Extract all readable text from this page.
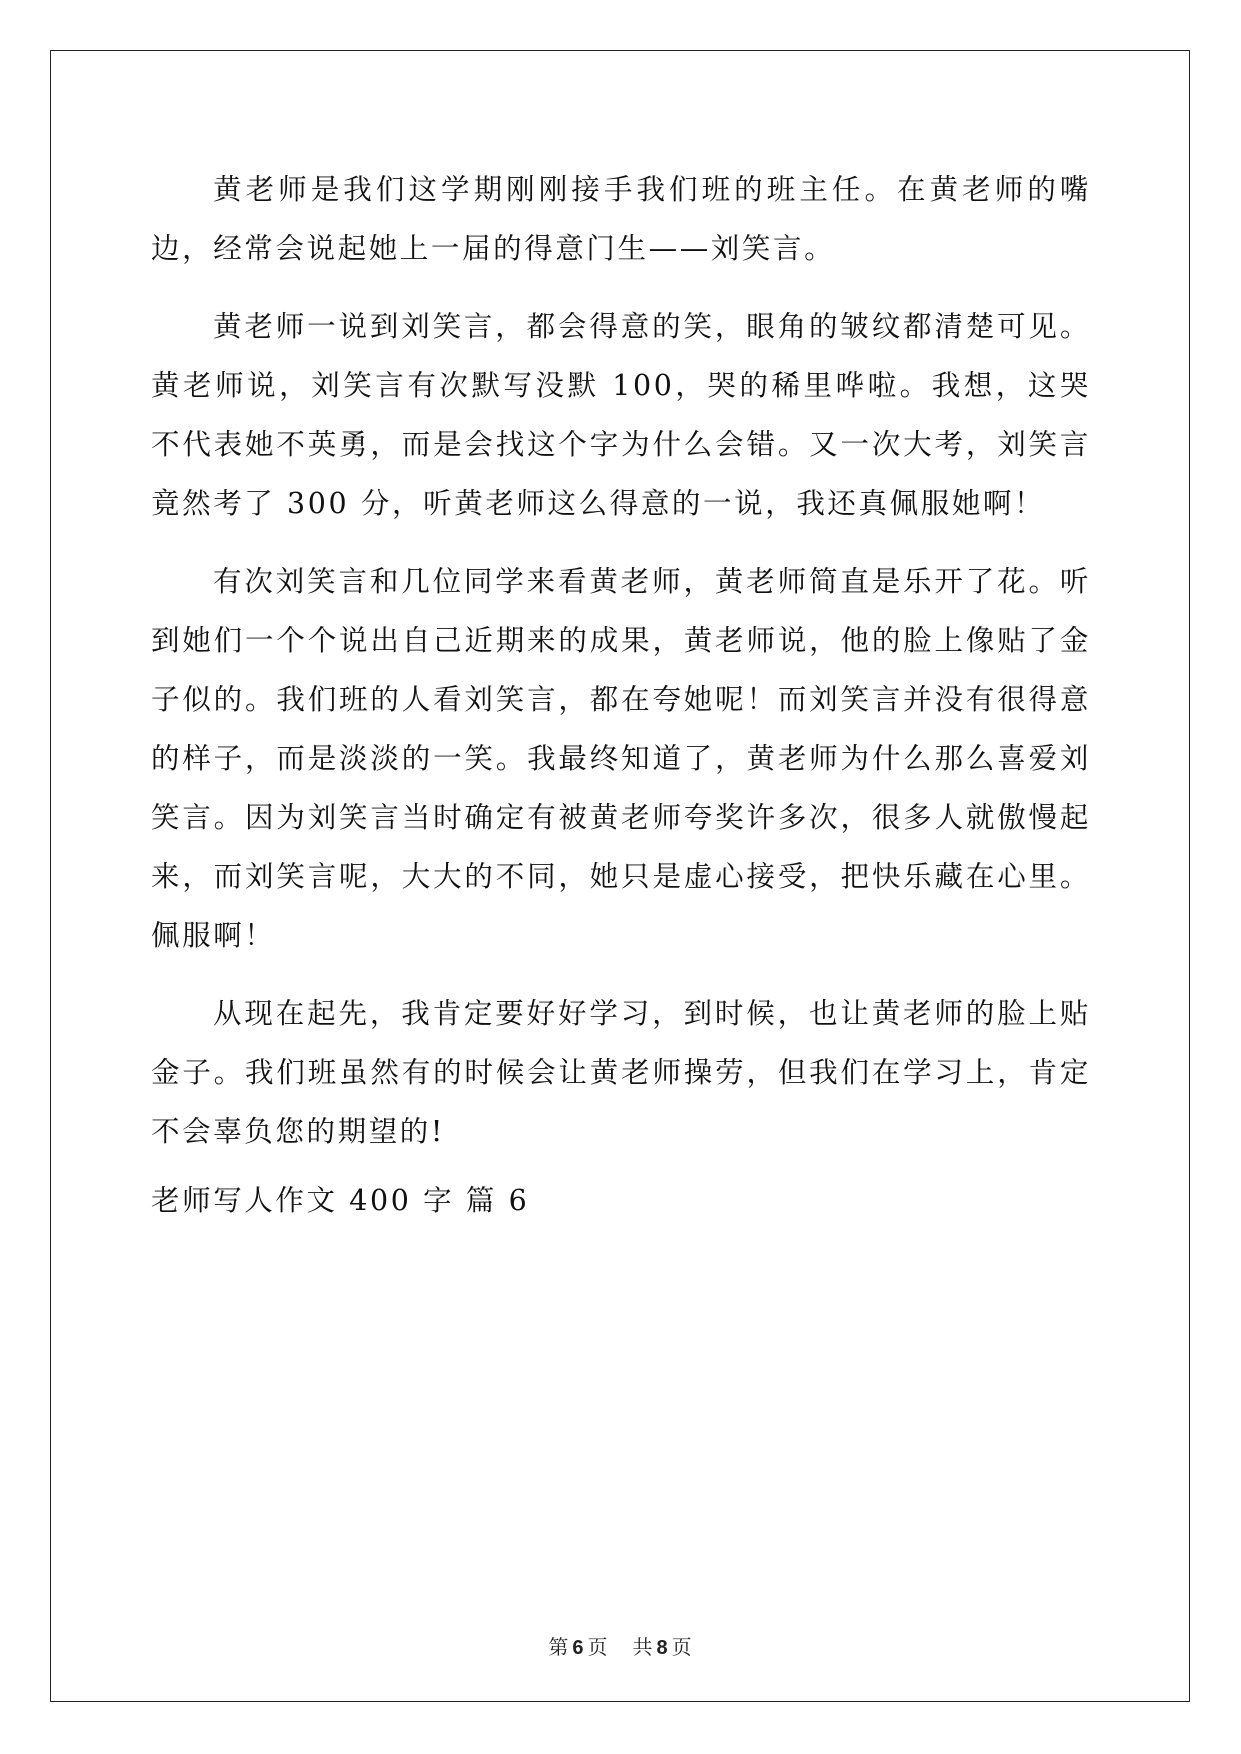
黄老师是我们这学期刚刚接手我们班的班主任。在黄老师的嘴边，经常会说起她上一届的得意门生——刘笑言。

黄老师一说到刘笑言，都会得意的笑，眼角的皱纹都清楚可见。黄老师说，刘笑言有次默写没默 100，哭的稀里哗啦。我想，这哭不代表她不英勇，而是会找这个字为什么会错。又一次大考，刘笑言竟然考了 300 分，听黄老师这么得意的一说，我还真佩服她啊！

有次刘笑言和几位同学来看黄老师，黄老师简直是乐开了花。听到她们一个个说出自己近期来的成果，黄老师说，他的脸上像贴了金子似的。我们班的人看刘笑言，都在夸她呢！而刘笑言并没有很得意的样子，而是淡淡的一笑。我最终知道了，黄老师为什么那么喜爱刘笑言。因为刘笑言当时确定有被黄老师夸奖许多次，很多人就傲慢起来，而刘笑言呢，大大的不同，她只是虚心接受，把快乐藏在心里。佩服啊！

从现在起先，我肯定要好好学习，到时候，也让黄老师的脸上贴金子。我们班虽然有的时候会让黄老师操劳，但我们在学习上，肯定不会辜负您的期望的!

老师写人作文 400 字 篇 6

第 6 页 共 8 页
